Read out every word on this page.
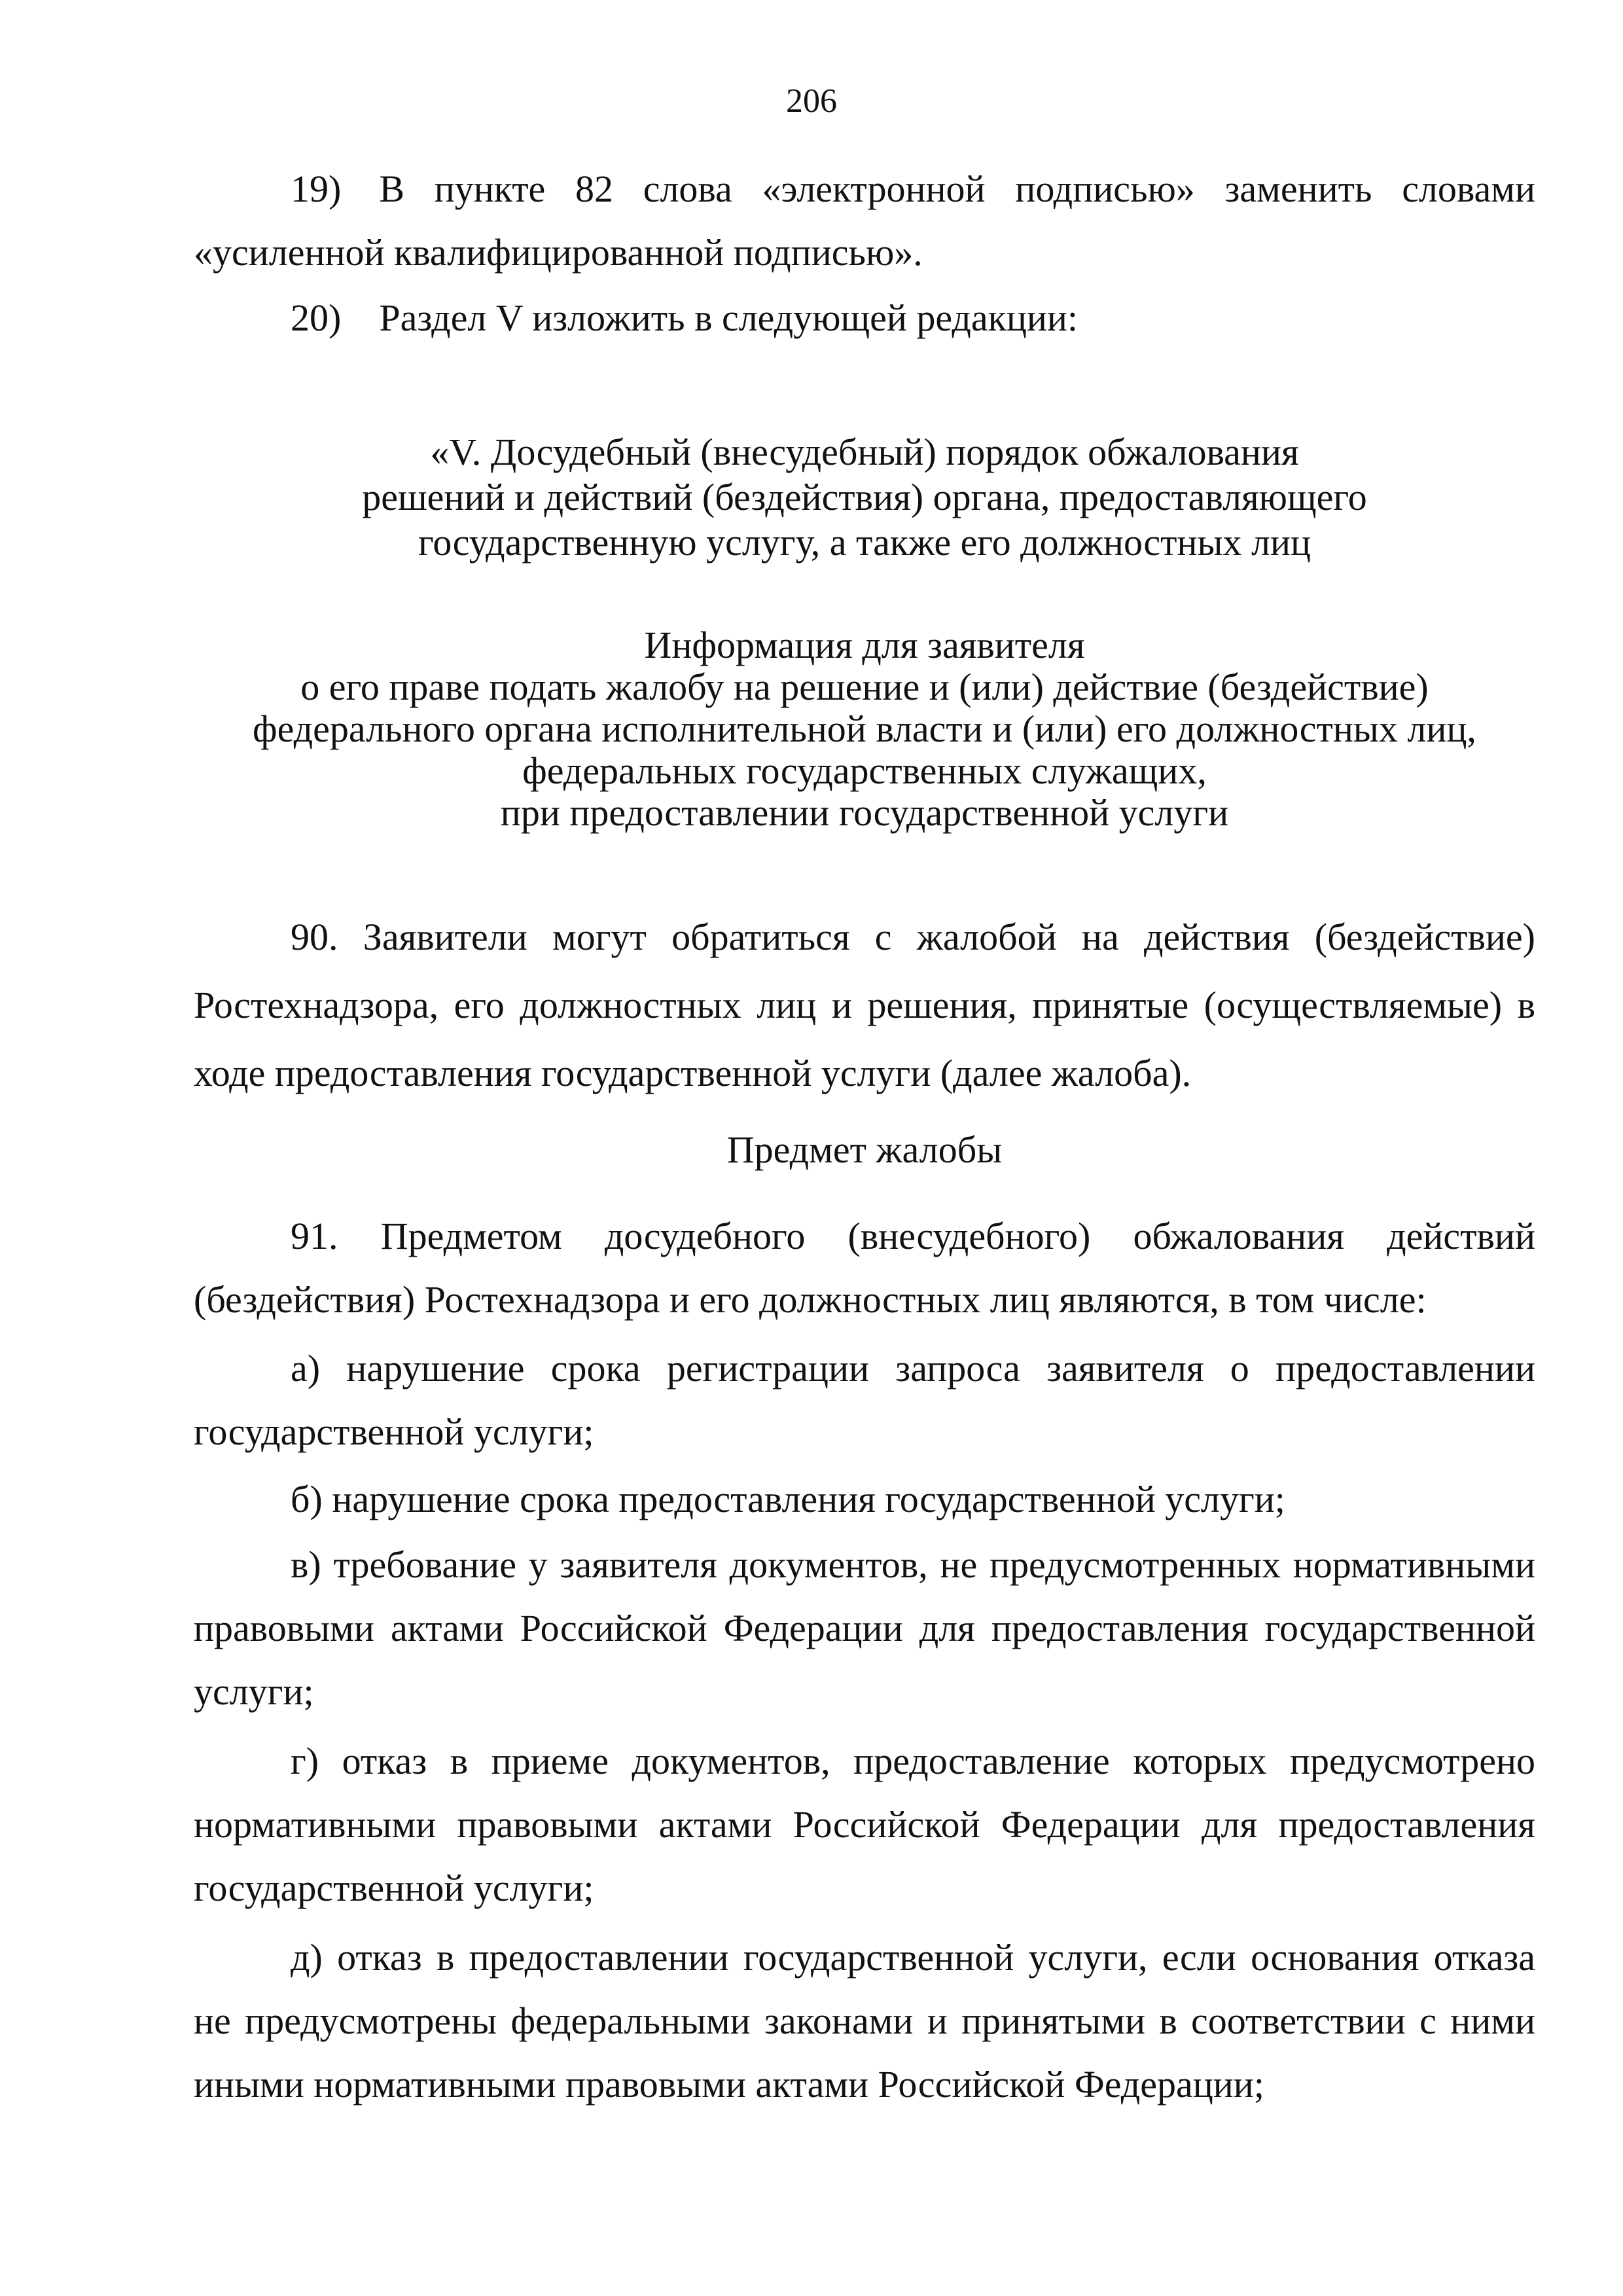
206

19) В пункте 82 слова «электронной подписью» заменить словами «усиленной квалифицированной подписью».

20) Раздел V изложить в следующей редакции:

«V. Досудебный (внесудебный) порядок обжалования
решений и действий (бездействия) органа, предоставляющего
государственную услугу, а также его должностных лиц
Информация для заявителя
о его праве подать жалобу на решение и (или) действие (бездействие)
федерального органа исполнительной власти и (или) его должностных лиц,
федеральных государственных служащих,
при предоставлении государственной услуги

90. Заявители могут обратиться с жалобой на действия (бездействие) Ростехнадзора, его должностных лиц и решения, принятые (осуществляемые) в ходе предоставления государственной услуги (далее жалоба).

Предмет жалобы

91. Предметом досудебного (внесудебного) обжалования действий (бездействия) Ростехнадзора и его должностных лиц являются, в том числе:

а) нарушение срока регистрации запроса заявителя о предоставлении государственной услуги;

б) нарушение срока предоставления государственной услуги;

в) требование у заявителя документов, не предусмотренных нормативными правовыми актами Российской Федерации для предоставления государственной услуги;

г) отказ в приеме документов, предоставление которых предусмотрено нормативными правовыми актами Российской Федерации для предоставления государственной услуги;

д) отказ в предоставлении государственной услуги, если основания отказа не предусмотрены федеральными законами и принятыми в соответствии с ними иными нормативными правовыми актами Российской Федерации;
